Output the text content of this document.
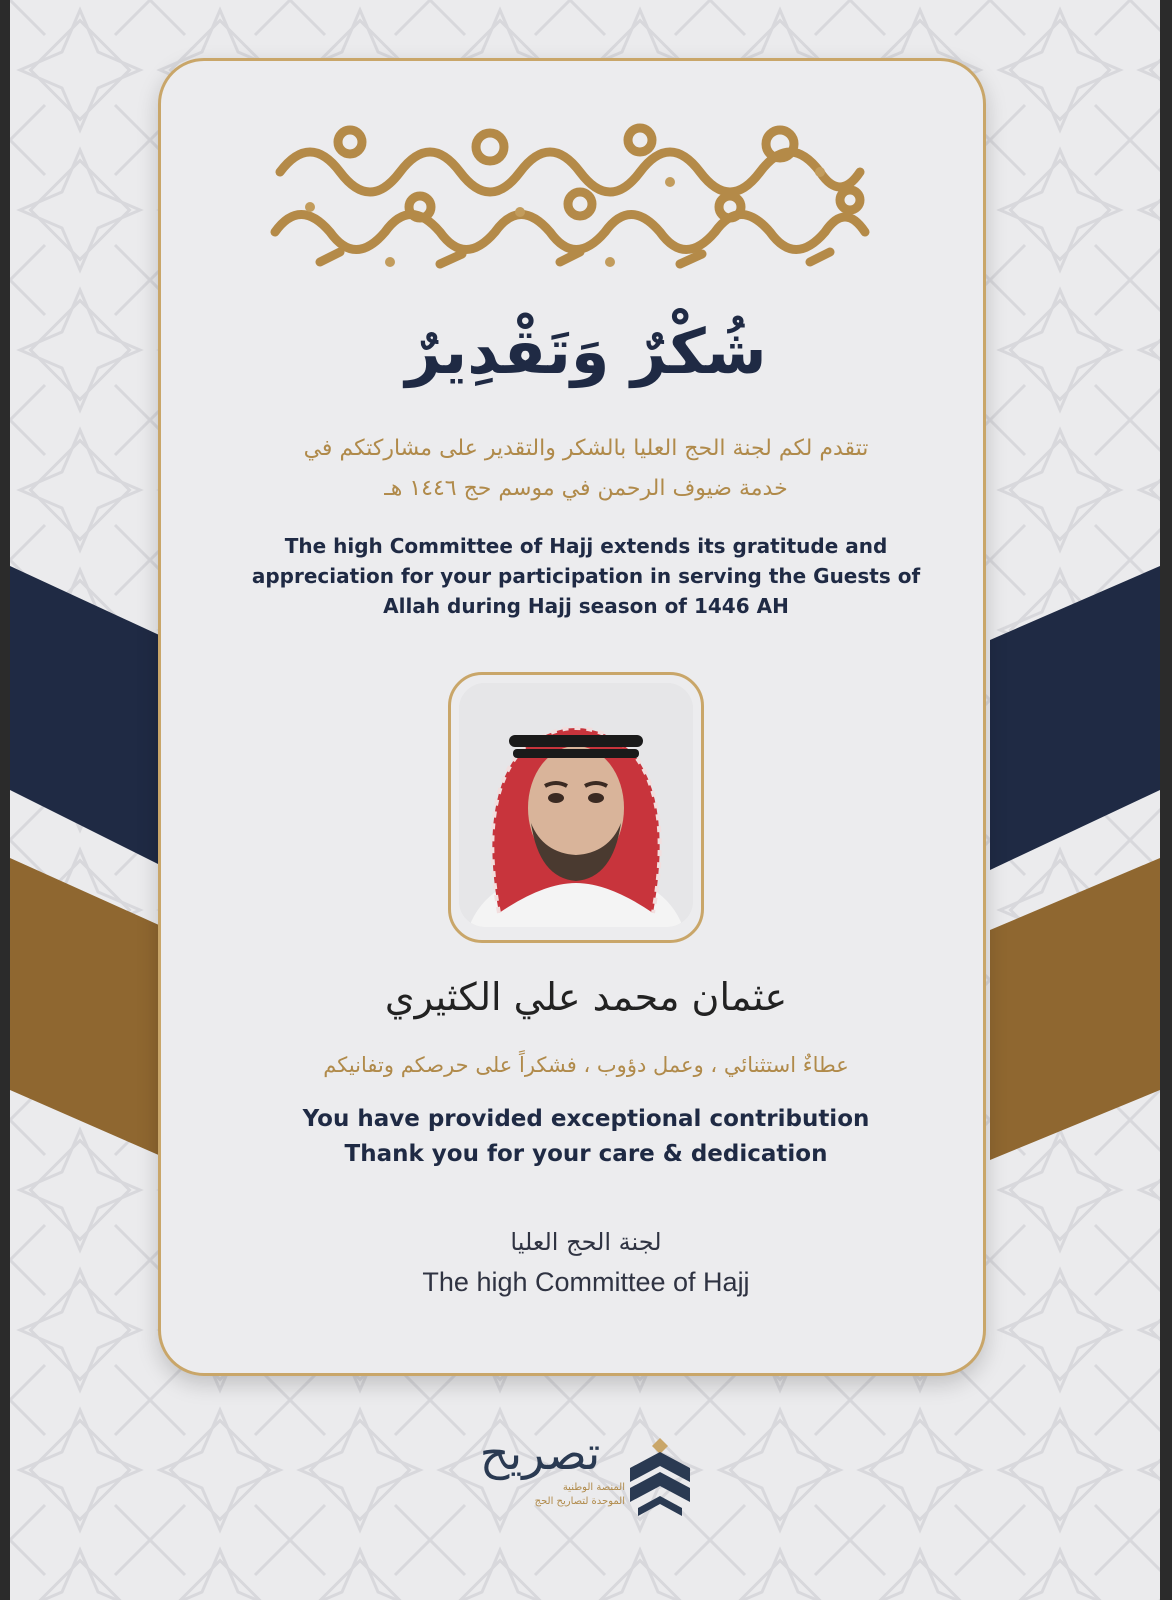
شُكْرٌ وَتَقْدِيرٌ
تتقدم لكم لجنة الحج العليا بالشكر والتقدير على مشاركتكم في
خدمة ضيوف الرحمن في موسم حج ١٤٤٦ هـ
The high Committee of Hajj extends its gratitude and
appreciation for your participation in serving the Guests of
Allah during Hajj season of 1446 AH
عثمان محمد علي الكثيري
عطاءٌ استثنائي ، وعمل دؤوب ، فشكراً على حرصكم وتفانيكم
You have provided exceptional contribution
Thank you for your care & dedication
لجنة الحج العليا
The high Committee of Hajj
تصريح
المنصة الوطنية
الموحدة لتصاريح الحج
